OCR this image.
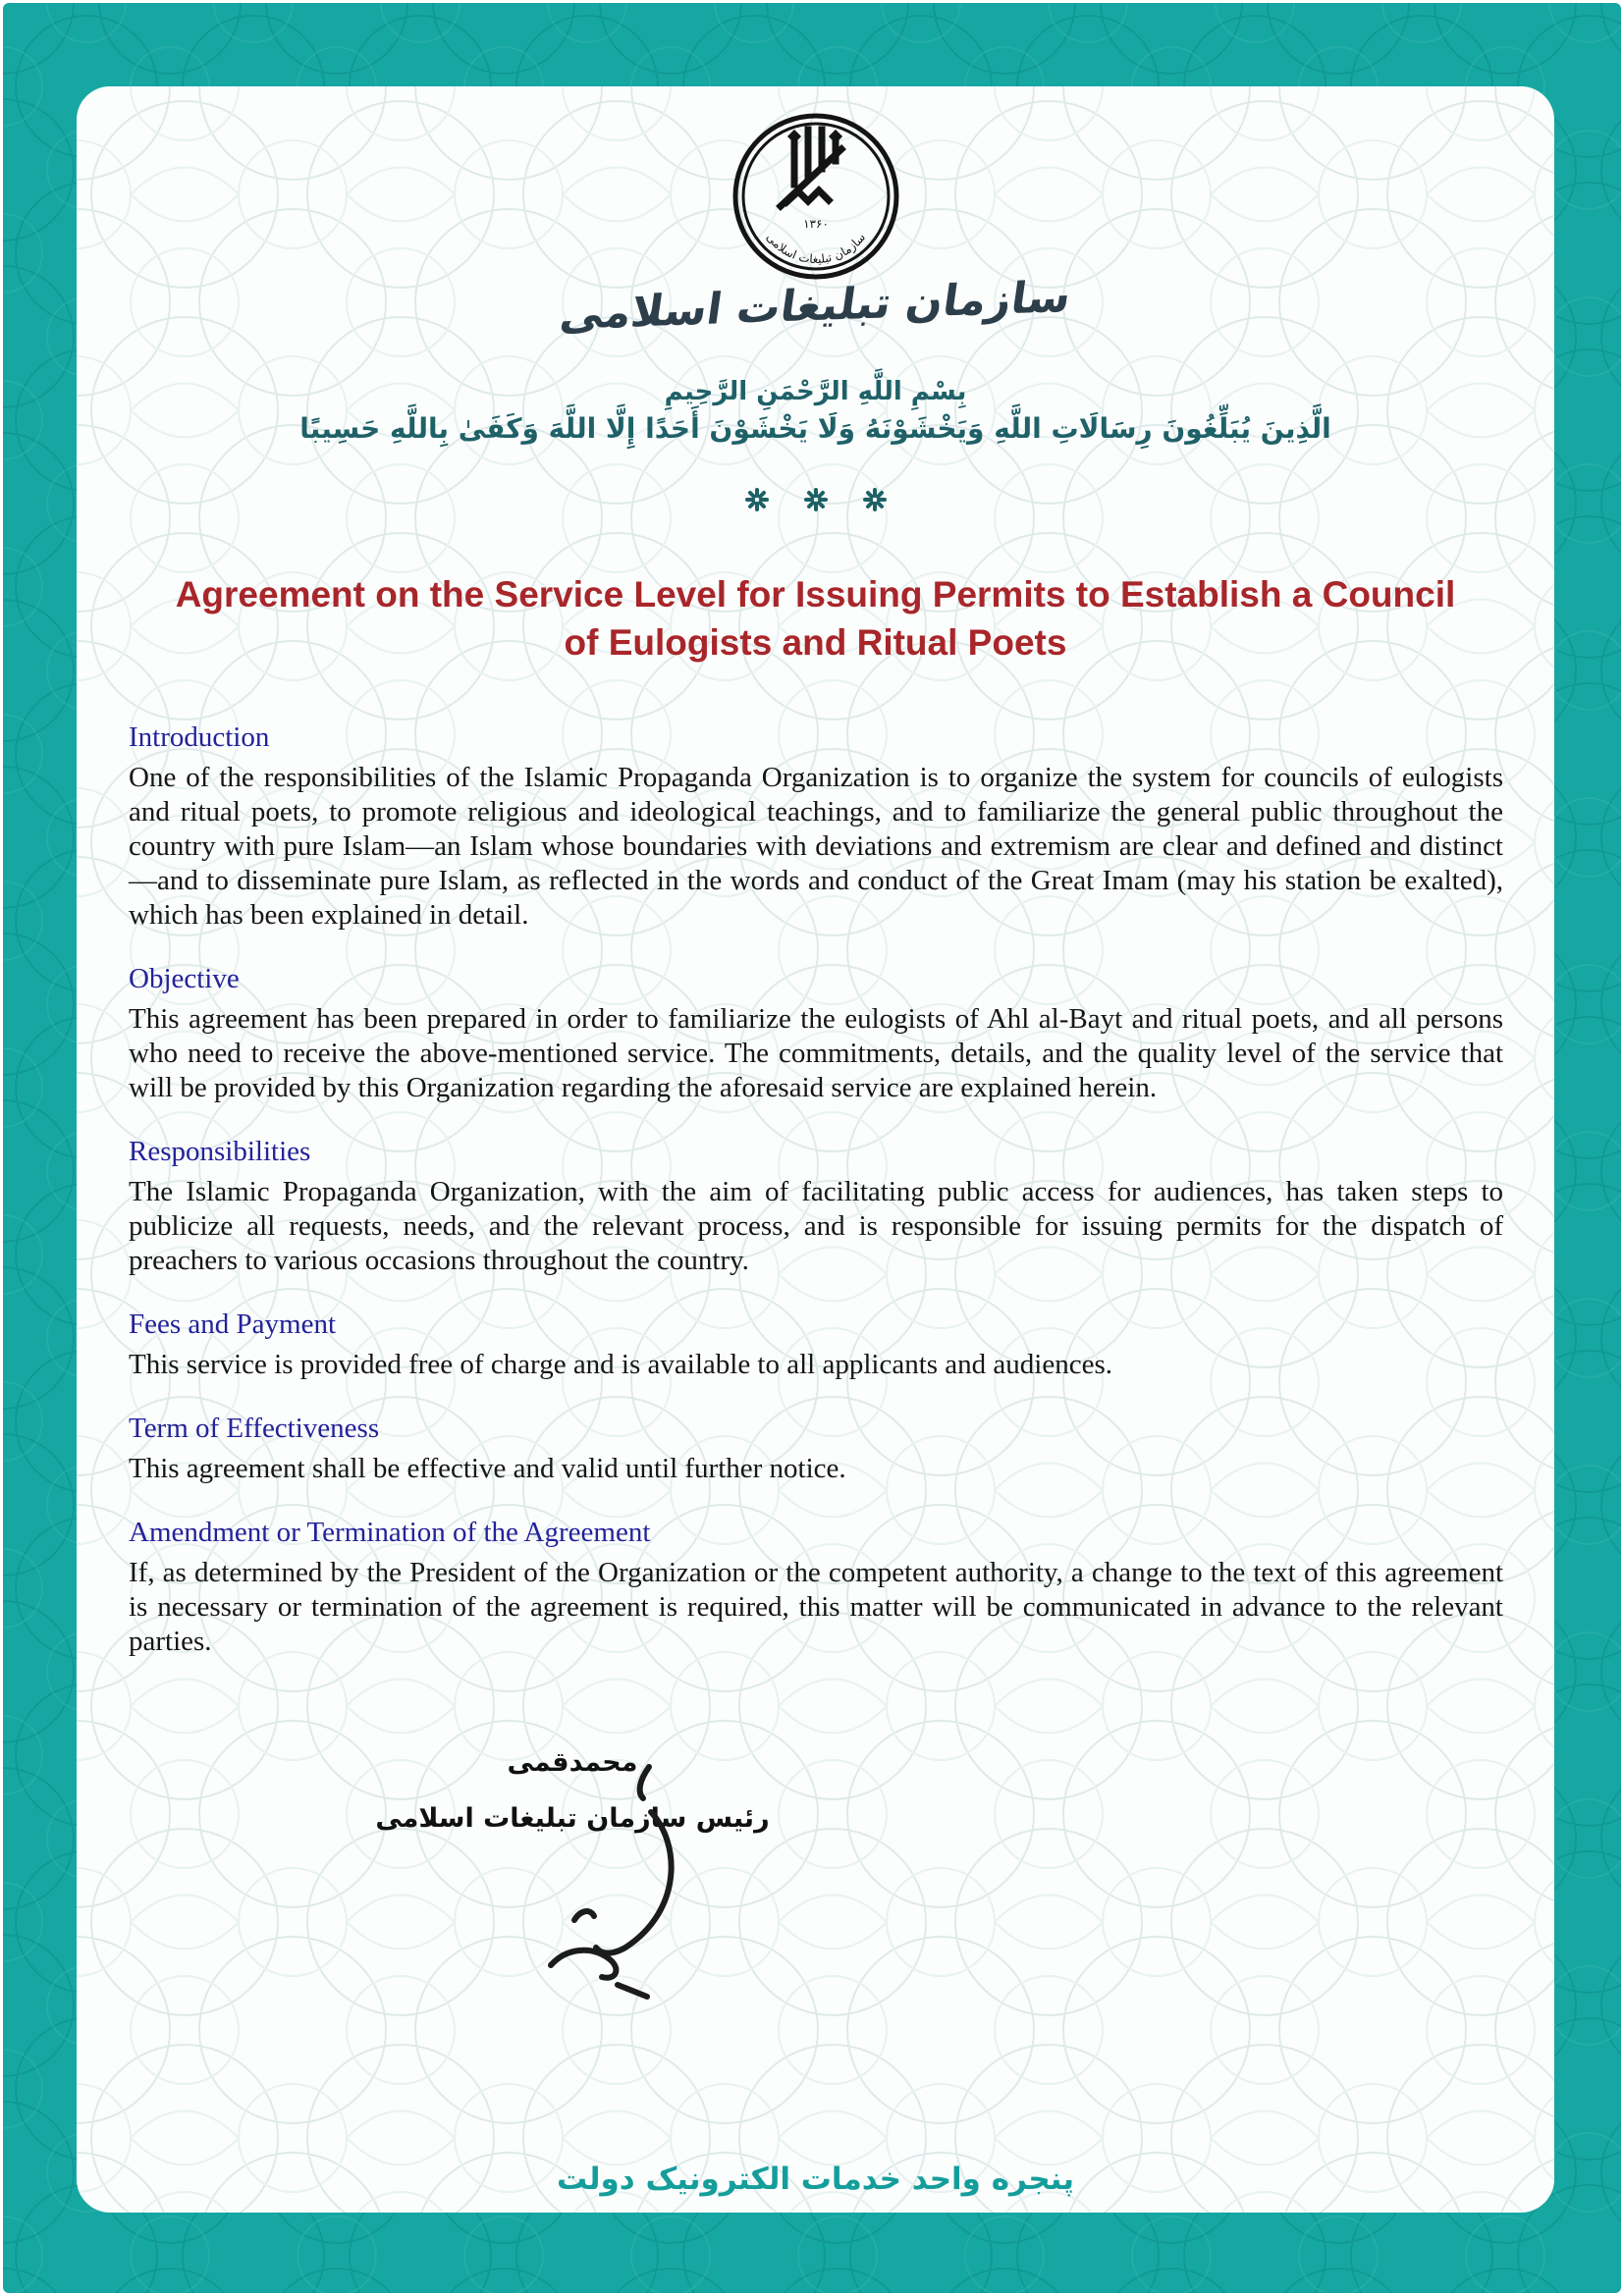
۱۳۶۰
سازمان تبلیغات اسلامی
سازمان تبلیغات اسلامی
بِسْمِ اللَّهِ الرَّحْمَنِ الرَّحِيمِ
الَّذِينَ يُبَلِّغُونَ رِسَالَاتِ اللَّهِ وَيَخْشَوْنَهُ وَلَا يَخْشَوْنَ أَحَدًا إِلَّا اللَّهَ وَكَفَىٰ بِاللَّهِ حَسِيبًا
Agreement on the Service Level for Issuing Permits to Establish a Council
of Eulogists and Ritual Poets
Introduction

One of the responsibilities of the Islamic Propaganda Organization is to organize the system for councils of eulogists and ritual poets, to promote religious and ideological teachings, and to familiarize the general public throughout the country with pure Islam—an Islam whose boundaries with deviations and extremism are clear and defined and distinct—and to disseminate pure Islam, as reflected in the words and conduct of the Great Imam (may his station be exalted), which has been explained in detail.

Objective

This agreement has been prepared in order to familiarize the eulogists of Ahl al-Bayt and ritual poets, and all persons who need to receive the above-mentioned service. The commitments, details, and the quality level of the service that will be provided by this Organization regarding the aforesaid service are explained herein.

Responsibilities

The Islamic Propaganda Organization, with the aim of facilitating public access for audiences, has taken steps to publicize all requests, needs, and the relevant process, and is responsible for issuing permits for the dispatch of preachers to various occasions throughout the country.

Fees and Payment

This service is provided free of charge and is available to all applicants and audiences.

Term of Effectiveness

This agreement shall be effective and valid until further notice.

Amendment or Termination of the Agreement

If, as determined by the President of the Organization or the competent authority, a change to the text of this agreement is necessary or termination of the agreement is required, this matter will be communicated in advance to the relevant parties.

محمدقمی
رئیس سازمان تبلیغات اسلامی
پنجره واحد خدمات الکترونیک دولت
